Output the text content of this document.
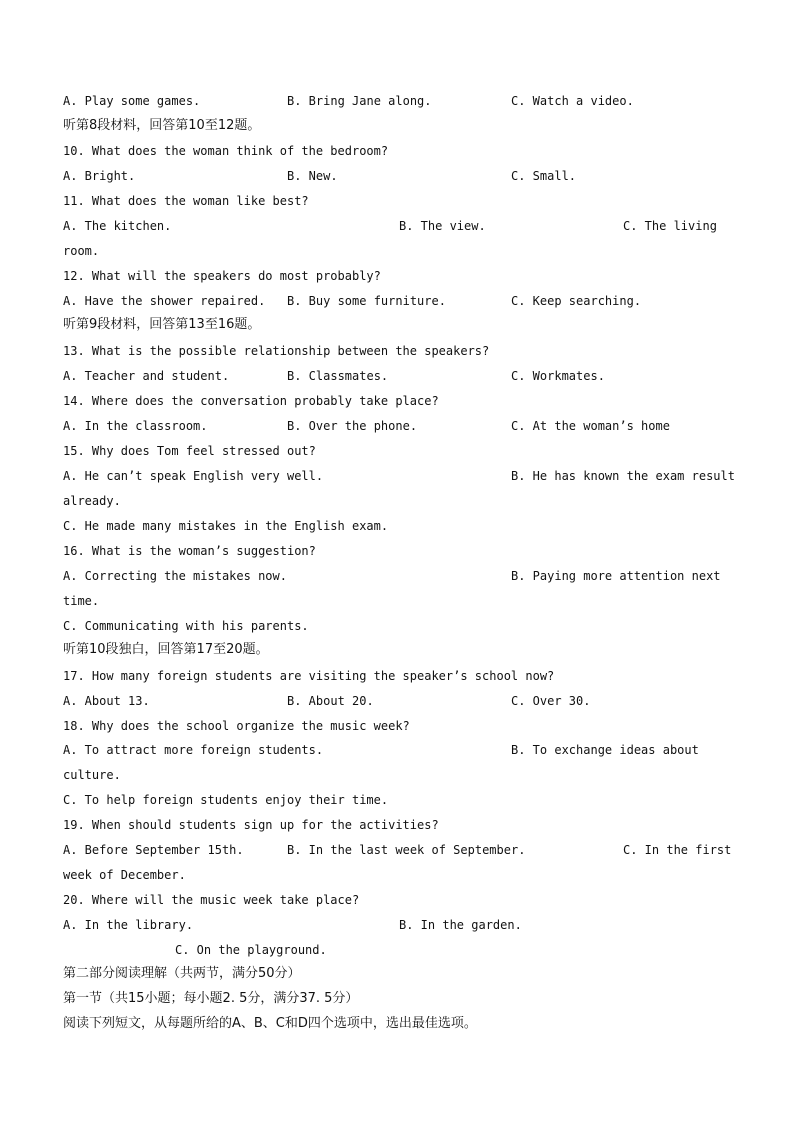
A. Play some games.	B. Bring Jane along.	C. Watch a video.
听第8段材料，回答第10至12题。
10. What does the woman think of the bedroom?
A. Bright.	B. New.	C. Small.
11. What does the woman like best?
A. The kitchen.	B. The view.	C. The living
room.
12. What will the speakers do most probably?
A. Have the shower repaired. B. Buy some furniture.	C. Keep searching.
听第9段材料，回答第13至16题。
13. What is the possible relationship between the speakers?
A. Teacher and student.	B. Classmates.	C. Workmates.
14. Where does the conversation probably take place?
A. In the classroom.	B. Over the phone.	C. At the woman’s home
15. Why does Tom feel stressed out?
A. He can’t speak English very well.	B. He has known the exam result
already.
C. He made many mistakes in the English exam.
16. What is the woman’s suggestion?
A. Correcting the mistakes now.	B. Paying more attention next
time.
C. Communicating with his parents.
听第10段独白，回答第17至20题。
17. How many foreign students are visiting the speaker’s school now?
A. About 13.	B. About 20.	C. Over 30.
18. Why does the school organize the music week?
A. To attract more foreign students.	B. To exchange ideas about
culture.
C. To help foreign students enjoy their time.
19. When should students sign up for the activities?
A. Before September 15th.	B. In the last week of September.	C. In the first
week of December.
20. Where will the music week take place?
A. In the library.	B. In the garden.
C. On the playground.
第二部分阅读理解（共两节，满分50分）
第一节（共15小题；每小题2. 5分，满分37. 5分）
阅读下列短文，从每题所给的A、B、C和D四个选项中，选出最佳选项。
